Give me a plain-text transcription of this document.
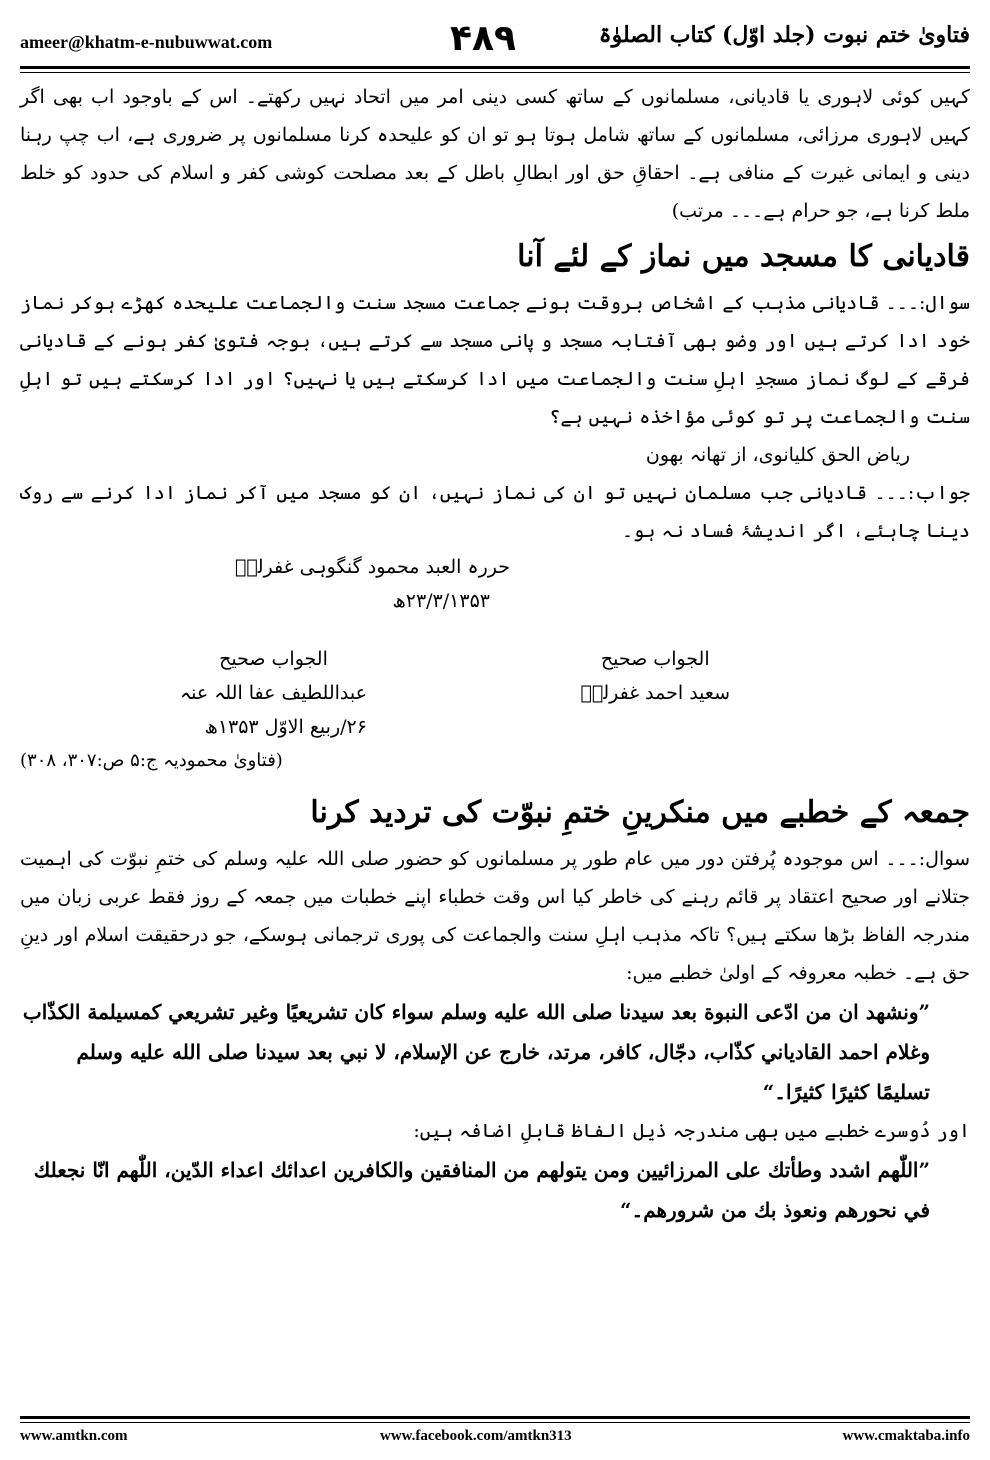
ameer@khatm-e-nubuwwat.com	۴۸۹	فتاویٰ ختم نبوت (جلد اوّل) کتاب الصلوٰۃ

کہیں کوئی لاہوری یا قادیانی، مسلمانوں کے ساتھ کسی دینی امر میں اتحاد نہیں رکھتے۔ اس کے باوجود اب بھی اگر کہیں لاہوری مرزائی، مسلمانوں کے ساتھ شامل ہوتا ہو تو ان کو علیحدہ کرنا مسلمانوں پر ضروری ہے، اب چپ رہنا دینی و ایمانی غیرت کے منافی ہے۔ احقاقِ حق اور ابطالِ باطل کے بعد مصلحت کوشی کفر و اسلام کی حدود کو خلط ملط کرنا ہے، جو حرام ہے۔۔۔ مرتب)

قادیانی کا مسجد میں نماز کے لئے آنا

سوال:۔۔۔ قادیانی مذہب کے اشخاص بروقت ہونے جماعت مسجد سنت والجماعت علیحدہ کھڑے ہوکر نماز خود ادا کرتے ہیں اور وضو بھی آفتابہ مسجد و پانی مسجد سے کرتے ہیں، بوجہ فتویٰ کفر ہونے کے قادیانی فرقے کے لوگ نماز مسجدِ اہلِ سنت والجماعت میں ادا کرسکتے ہیں یا نہیں؟ اور ادا کرسکتے ہیں تو اہلِ سنت والجماعت پر تو کوئی مؤاخذہ نہیں ہے؟

ریاض الحق کلیانوی، از تھانہ بھون

جواب:۔۔۔ قادیانی جب مسلمان نہیں تو ان کی نماز نہیں، ان کو مسجد میں آکر نماز ادا کرنے سے روک دینا چاہئے، اگر اندیشۂ فساد نہ ہو۔

حررہ العبد محمود گنگوہی غفرلہٗ
۲۳/۳/۱۳۵۳ھ
الجواب صحیح
سعید احمد غفرلہٗ
الجواب صحیح
عبداللطیف عفا اللہ عنہ
۲۶/ربیع الاوّل ۱۳۵۳ھ
(فتاویٰ محمودیہ ج:۵ ص:۳۰۷، ۳۰۸)

جمعہ کے خطبے میں منکرینِ ختمِ نبوّت کی تردید کرنا

سوال:۔۔۔ اس موجودہ پُرفتن دور میں عام طور پر مسلمانوں کو حضور صلی اللہ علیہ وسلم کی ختمِ نبوّت کی اہمیت جتلانے اور صحیح اعتقاد پر قائم رہنے کی خاطر کیا اس وقت خطباء اپنے خطبات میں جمعہ کے روز فقط عربی زبان میں مندرجہ الفاظ بڑھا سکتے ہیں؟ تاکہ مذہب اہلِ سنت والجماعت کی پوری ترجمانی ہوسکے، جو درحقیقت اسلام اور دینِ حق ہے۔ خطبہ معروفہ کے اولیٰ خطبے میں:

”ونشهد ان من ادّعی النبوة بعد سيدنا صلی الله عليه وسلم سواء كان تشريعيًا وغير تشريعي كمسيلمة الكذّاب وغلام احمد القادياني كذّاب، دجّال، كافر، مرتد، خارج عن الإسلام، لا نبي بعد سيدنا صلی الله عليه وسلم تسليمًا كثيرًا كثيرًا۔“

اور دُوسرے خطبے میں بھی مندرجہ ذیل الفاظ قابلِ اضافہ ہیں:

”اللّٰهم اشدد وطأتك علی المرزائيين ومن يتولهم من المنافقين والكافرين اعدائك اعداء الدّين، اللّٰهم انّا نجعلك في نحورهم ونعوذ بك من شرورهم۔“

www.amtkn.com	www.facebook.com/amtkn313	www.cmaktaba.info
